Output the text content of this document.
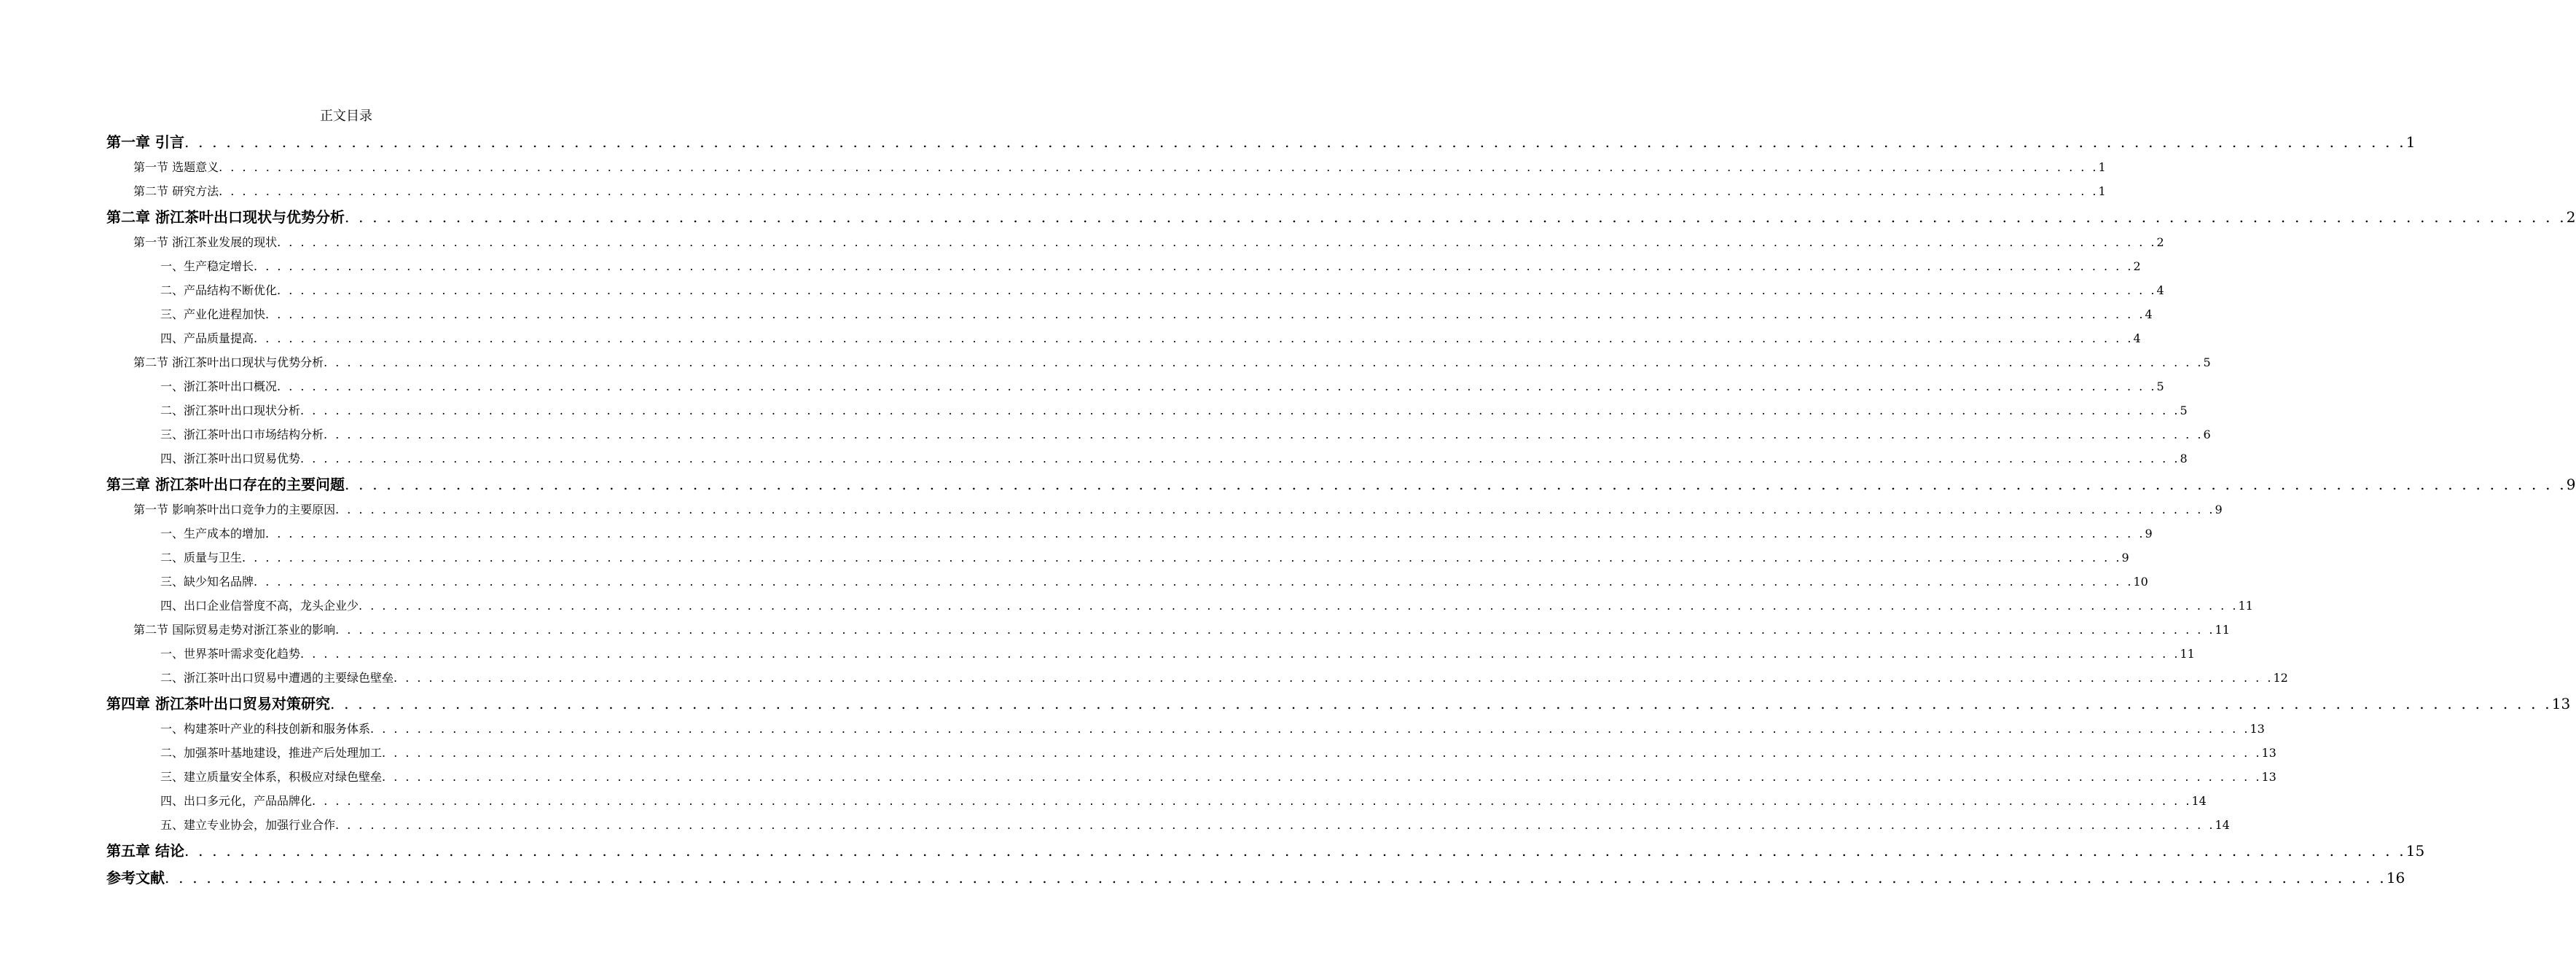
正文目录
第一章 引言 . . . . . . . . . . . . . . . . . . . . . . . . . . . . . . . . . . . . . . . . . . . . . . . . . . . . . . . . . . . . . . . . . . . . . . . . . . . . . . . . . . . . . . . . . . . . . . . . . . . . . . . . . . . . . . . . . . . . . . . . . . . . . . . . . . . . . . . . . . . . . . . . . . . . . . . . . . . . . . . . 1
第一节 选题意义 . . . . . . . . . . . . . . . . . . . . . . . . . . . . . . . . . . . . . . . . . . . . . . . . . . . . . . . . . . . . . . . . . . . . . . . . . . . . . . . . . . . . . . . . . . . . . . . . . . . . . . . . . . . . . . . . . . . . . . . . . . . . . . . . . . . . . . . . . . . . . . . . . . . . . . . . . . . . . . . . 1
第二节 研究方法 . . . . . . . . . . . . . . . . . . . . . . . . . . . . . . . . . . . . . . . . . . . . . . . . . . . . . . . . . . . . . . . . . . . . . . . . . . . . . . . . . . . . . . . . . . . . . . . . . . . . . . . . . . . . . . . . . . . . . . . . . . . . . . . . . . . . . . . . . . . . . . . . . . . . . . . . . . . . . . . . 1
第二章 浙江茶叶出口现状与优势分析 . . . . . . . . . . . . . . . . . . . . . . . . . . . . . . . . . . . . . . . . . . . . . . . . . . . . . . . . . . . . . . . . . . . . . . . . . . . . . . . . . . . . . . . . . . . . . . . . . . . . . . . . . . . . . . . . . . . . . . . . . . . . . . . . . . . . . . . . . . . . . . . . . . . . . . . . . . . . . . . . 2
第一节 浙江茶业发展的现状 . . . . . . . . . . . . . . . . . . . . . . . . . . . . . . . . . . . . . . . . . . . . . . . . . . . . . . . . . . . . . . . . . . . . . . . . . . . . . . . . . . . . . . . . . . . . . . . . . . . . . . . . . . . . . . . . . . . . . . . . . . . . . . . . . . . . . . . . . . . . . . . . . . . . . . . . . . . . . . . . 2
一、生产稳定增长 . . . . . . . . . . . . . . . . . . . . . . . . . . . . . . . . . . . . . . . . . . . . . . . . . . . . . . . . . . . . . . . . . . . . . . . . . . . . . . . . . . . . . . . . . . . . . . . . . . . . . . . . . . . . . . . . . . . . . . . . . . . . . . . . . . . . . . . . . . . . . . . . . . . . . . . . . . . . . . . . 2
二、产品结构不断优化 . . . . . . . . . . . . . . . . . . . . . . . . . . . . . . . . . . . . . . . . . . . . . . . . . . . . . . . . . . . . . . . . . . . . . . . . . . . . . . . . . . . . . . . . . . . . . . . . . . . . . . . . . . . . . . . . . . . . . . . . . . . . . . . . . . . . . . . . . . . . . . . . . . . . . . . . . . . . . . . . 4
三、产业化进程加快 . . . . . . . . . . . . . . . . . . . . . . . . . . . . . . . . . . . . . . . . . . . . . . . . . . . . . . . . . . . . . . . . . . . . . . . . . . . . . . . . . . . . . . . . . . . . . . . . . . . . . . . . . . . . . . . . . . . . . . . . . . . . . . . . . . . . . . . . . . . . . . . . . . . . . . . . . . . . . . . . 4
四、产品质量提高 . . . . . . . . . . . . . . . . . . . . . . . . . . . . . . . . . . . . . . . . . . . . . . . . . . . . . . . . . . . . . . . . . . . . . . . . . . . . . . . . . . . . . . . . . . . . . . . . . . . . . . . . . . . . . . . . . . . . . . . . . . . . . . . . . . . . . . . . . . . . . . . . . . . . . . . . . . . . . . . . 4
第二节 浙江茶叶出口现状与优势分析 . . . . . . . . . . . . . . . . . . . . . . . . . . . . . . . . . . . . . . . . . . . . . . . . . . . . . . . . . . . . . . . . . . . . . . . . . . . . . . . . . . . . . . . . . . . . . . . . . . . . . . . . . . . . . . . . . . . . . . . . . . . . . . . . . . . . . . . . . . . . . . . . . . . . . . . . . . . . . . . . 5
一、浙江茶叶出口概况 . . . . . . . . . . . . . . . . . . . . . . . . . . . . . . . . . . . . . . . . . . . . . . . . . . . . . . . . . . . . . . . . . . . . . . . . . . . . . . . . . . . . . . . . . . . . . . . . . . . . . . . . . . . . . . . . . . . . . . . . . . . . . . . . . . . . . . . . . . . . . . . . . . . . . . . . . . . . . . . . 5
二、浙江茶叶出口现状分析 . . . . . . . . . . . . . . . . . . . . . . . . . . . . . . . . . . . . . . . . . . . . . . . . . . . . . . . . . . . . . . . . . . . . . . . . . . . . . . . . . . . . . . . . . . . . . . . . . . . . . . . . . . . . . . . . . . . . . . . . . . . . . . . . . . . . . . . . . . . . . . . . . . . . . . . . . . . . . . . . 5
三、浙江茶叶出口市场结构分析 . . . . . . . . . . . . . . . . . . . . . . . . . . . . . . . . . . . . . . . . . . . . . . . . . . . . . . . . . . . . . . . . . . . . . . . . . . . . . . . . . . . . . . . . . . . . . . . . . . . . . . . . . . . . . . . . . . . . . . . . . . . . . . . . . . . . . . . . . . . . . . . . . . . . . . . . . . . . . . . . 6
四、浙江茶叶出口贸易优势 . . . . . . . . . . . . . . . . . . . . . . . . . . . . . . . . . . . . . . . . . . . . . . . . . . . . . . . . . . . . . . . . . . . . . . . . . . . . . . . . . . . . . . . . . . . . . . . . . . . . . . . . . . . . . . . . . . . . . . . . . . . . . . . . . . . . . . . . . . . . . . . . . . . . . . . . . . . . . . . . 8
第三章 浙江茶叶出口存在的主要问题 . . . . . . . . . . . . . . . . . . . . . . . . . . . . . . . . . . . . . . . . . . . . . . . . . . . . . . . . . . . . . . . . . . . . . . . . . . . . . . . . . . . . . . . . . . . . . . . . . . . . . . . . . . . . . . . . . . . . . . . . . . . . . . . . . . . . . . . . . . . . . . . . . . . . . . . . . . . . . . . . 9
第一节 影响茶叶出口竞争力的主要原因 . . . . . . . . . . . . . . . . . . . . . . . . . . . . . . . . . . . . . . . . . . . . . . . . . . . . . . . . . . . . . . . . . . . . . . . . . . . . . . . . . . . . . . . . . . . . . . . . . . . . . . . . . . . . . . . . . . . . . . . . . . . . . . . . . . . . . . . . . . . . . . . . . . . . . . . . . . . . . . . . 9
一、生产成本的增加 . . . . . . . . . . . . . . . . . . . . . . . . . . . . . . . . . . . . . . . . . . . . . . . . . . . . . . . . . . . . . . . . . . . . . . . . . . . . . . . . . . . . . . . . . . . . . . . . . . . . . . . . . . . . . . . . . . . . . . . . . . . . . . . . . . . . . . . . . . . . . . . . . . . . . . . . . . . . . . . . 9
二、质量与卫生 . . . . . . . . . . . . . . . . . . . . . . . . . . . . . . . . . . . . . . . . . . . . . . . . . . . . . . . . . . . . . . . . . . . . . . . . . . . . . . . . . . . . . . . . . . . . . . . . . . . . . . . . . . . . . . . . . . . . . . . . . . . . . . . . . . . . . . . . . . . . . . . . . . . . . . . . . . . . . . . . 9
三、缺少知名品牌 . . . . . . . . . . . . . . . . . . . . . . . . . . . . . . . . . . . . . . . . . . . . . . . . . . . . . . . . . . . . . . . . . . . . . . . . . . . . . . . . . . . . . . . . . . . . . . . . . . . . . . . . . . . . . . . . . . . . . . . . . . . . . . . . . . . . . . . . . . . . . . . . . . . . . . . . . . . . . . . . 10
四、出口企业信誉度不高，龙头企业少 . . . . . . . . . . . . . . . . . . . . . . . . . . . . . . . . . . . . . . . . . . . . . . . . . . . . . . . . . . . . . . . . . . . . . . . . . . . . . . . . . . . . . . . . . . . . . . . . . . . . . . . . . . . . . . . . . . . . . . . . . . . . . . . . . . . . . . . . . . . . . . . . . . . . . . . . . . . . . . . . 11
第二节 国际贸易走势对浙江茶业的影响 . . . . . . . . . . . . . . . . . . . . . . . . . . . . . . . . . . . . . . . . . . . . . . . . . . . . . . . . . . . . . . . . . . . . . . . . . . . . . . . . . . . . . . . . . . . . . . . . . . . . . . . . . . . . . . . . . . . . . . . . . . . . . . . . . . . . . . . . . . . . . . . . . . . . . . . . . . . . . . . . 11
一、世界茶叶需求变化趋势 . . . . . . . . . . . . . . . . . . . . . . . . . . . . . . . . . . . . . . . . . . . . . . . . . . . . . . . . . . . . . . . . . . . . . . . . . . . . . . . . . . . . . . . . . . . . . . . . . . . . . . . . . . . . . . . . . . . . . . . . . . . . . . . . . . . . . . . . . . . . . . . . . . . . . . . . . . . . . . . . 11
二、浙江茶叶出口贸易中遭遇的主要绿色壁垒 . . . . . . . . . . . . . . . . . . . . . . . . . . . . . . . . . . . . . . . . . . . . . . . . . . . . . . . . . . . . . . . . . . . . . . . . . . . . . . . . . . . . . . . . . . . . . . . . . . . . . . . . . . . . . . . . . . . . . . . . . . . . . . . . . . . . . . . . . . . . . . . . . . . . . . . . . . . . . . . . 12
第四章 浙江茶叶出口贸易对策研究 . . . . . . . . . . . . . . . . . . . . . . . . . . . . . . . . . . . . . . . . . . . . . . . . . . . . . . . . . . . . . . . . . . . . . . . . . . . . . . . . . . . . . . . . . . . . . . . . . . . . . . . . . . . . . . . . . . . . . . . . . . . . . . . . . . . . . . . . . . . . . . . . . . . . . . . . . . . . . . . . 13
一、构建茶叶产业的科技创新和服务体系 . . . . . . . . . . . . . . . . . . . . . . . . . . . . . . . . . . . . . . . . . . . . . . . . . . . . . . . . . . . . . . . . . . . . . . . . . . . . . . . . . . . . . . . . . . . . . . . . . . . . . . . . . . . . . . . . . . . . . . . . . . . . . . . . . . . . . . . . . . . . . . . . . . . . . . . . . . . . . . . . 13
二、加强茶叶基地建设，推进产后处理加工 . . . . . . . . . . . . . . . . . . . . . . . . . . . . . . . . . . . . . . . . . . . . . . . . . . . . . . . . . . . . . . . . . . . . . . . . . . . . . . . . . . . . . . . . . . . . . . . . . . . . . . . . . . . . . . . . . . . . . . . . . . . . . . . . . . . . . . . . . . . . . . . . . . . . . . . . . . . . . . . . 13
三、建立质量安全体系，积极应对绿色壁垒 . . . . . . . . . . . . . . . . . . . . . . . . . . . . . . . . . . . . . . . . . . . . . . . . . . . . . . . . . . . . . . . . . . . . . . . . . . . . . . . . . . . . . . . . . . . . . . . . . . . . . . . . . . . . . . . . . . . . . . . . . . . . . . . . . . . . . . . . . . . . . . . . . . . . . . . . . . . . . . . . 13
四、出口多元化，产品品牌化 . . . . . . . . . . . . . . . . . . . . . . . . . . . . . . . . . . . . . . . . . . . . . . . . . . . . . . . . . . . . . . . . . . . . . . . . . . . . . . . . . . . . . . . . . . . . . . . . . . . . . . . . . . . . . . . . . . . . . . . . . . . . . . . . . . . . . . . . . . . . . . . . . . . . . . . . . . . . . . . . 14
五、建立专业协会，加强行业合作 . . . . . . . . . . . . . . . . . . . . . . . . . . . . . . . . . . . . . . . . . . . . . . . . . . . . . . . . . . . . . . . . . . . . . . . . . . . . . . . . . . . . . . . . . . . . . . . . . . . . . . . . . . . . . . . . . . . . . . . . . . . . . . . . . . . . . . . . . . . . . . . . . . . . . . . . . . . . . . . . 14
第五章 结论 . . . . . . . . . . . . . . . . . . . . . . . . . . . . . . . . . . . . . . . . . . . . . . . . . . . . . . . . . . . . . . . . . . . . . . . . . . . . . . . . . . . . . . . . . . . . . . . . . . . . . . . . . . . . . . . . . . . . . . . . . . . . . . . . . . . . . . . . . . . . . . . . . . . . . . . . . . . . . . . . 15
参考文献 . . . . . . . . . . . . . . . . . . . . . . . . . . . . . . . . . . . . . . . . . . . . . . . . . . . . . . . . . . . . . . . . . . . . . . . . . . . . . . . . . . . . . . . . . . . . . . . . . . . . . . . . . . . . . . . . . . . . . . . . . . . . . . . . . . . . . . . . . . . . . . . . . . . . . . . . . . . . . . . . 16
